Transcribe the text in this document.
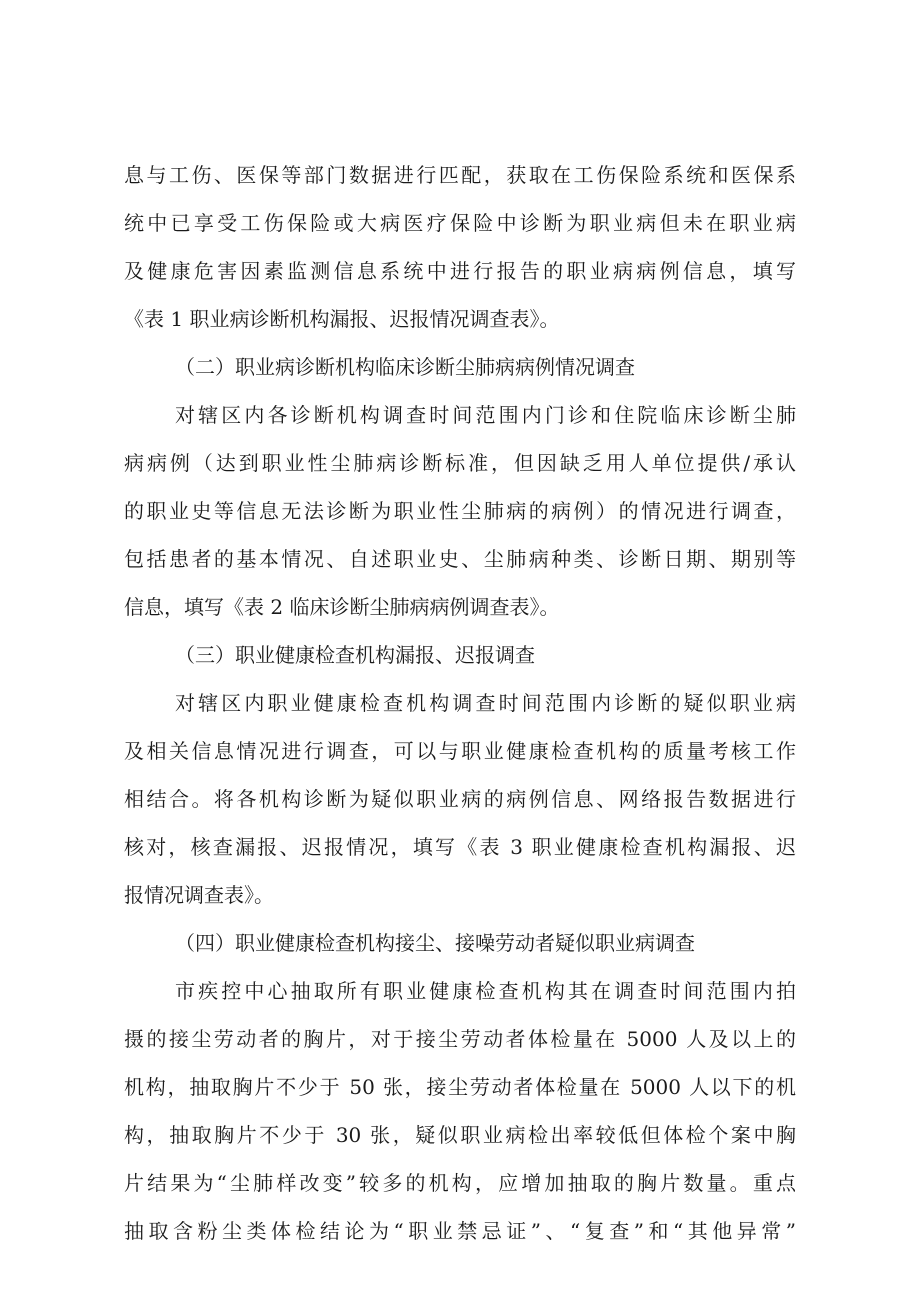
息与工伤、医保等部门数据进行匹配，获取在工伤保险系统和医保系
统中已享受工伤保险或大病医疗保险中诊断为职业病但未在职业病
及健康危害因素监测信息系统中进行报告的职业病病例信息，填写
《表 1 职业病诊断机构漏报、迟报情况调查表》。
（二）职业病诊断机构临床诊断尘肺病病例情况调查
对辖区内各诊断机构调查时间范围内门诊和住院临床诊断尘肺
病病例（达到职业性尘肺病诊断标准，但因缺乏用人单位提供/承认
的职业史等信息无法诊断为职业性尘肺病的病例）的情况进行调查，
包括患者的基本情况、自述职业史、尘肺病种类、诊断日期、期别等
信息，填写《表 2 临床诊断尘肺病病例调查表》。
（三）职业健康检查机构漏报、迟报调查
对辖区内职业健康检查机构调查时间范围内诊断的疑似职业病
及相关信息情况进行调查，可以与职业健康检查机构的质量考核工作
相结合。将各机构诊断为疑似职业病的病例信息、网络报告数据进行
核对，核查漏报、迟报情况，填写《表 3 职业健康检查机构漏报、迟
报情况调查表》。
（四）职业健康检查机构接尘、接噪劳动者疑似职业病调查
市疾控中心抽取所有职业健康检查机构其在调查时间范围内拍
摄的接尘劳动者的胸片，对于接尘劳动者体检量在 5000 人及以上的
机构，抽取胸片不少于 50 张，接尘劳动者体检量在 5000 人以下的机
构，抽取胸片不少于 30 张，疑似职业病检出率较低但体检个案中胸
片结果为“尘肺样改变”较多的机构，应增加抽取的胸片数量。重点
抽取含粉尘类体检结论为“职业禁忌证”、“复查”和“其他异常”
